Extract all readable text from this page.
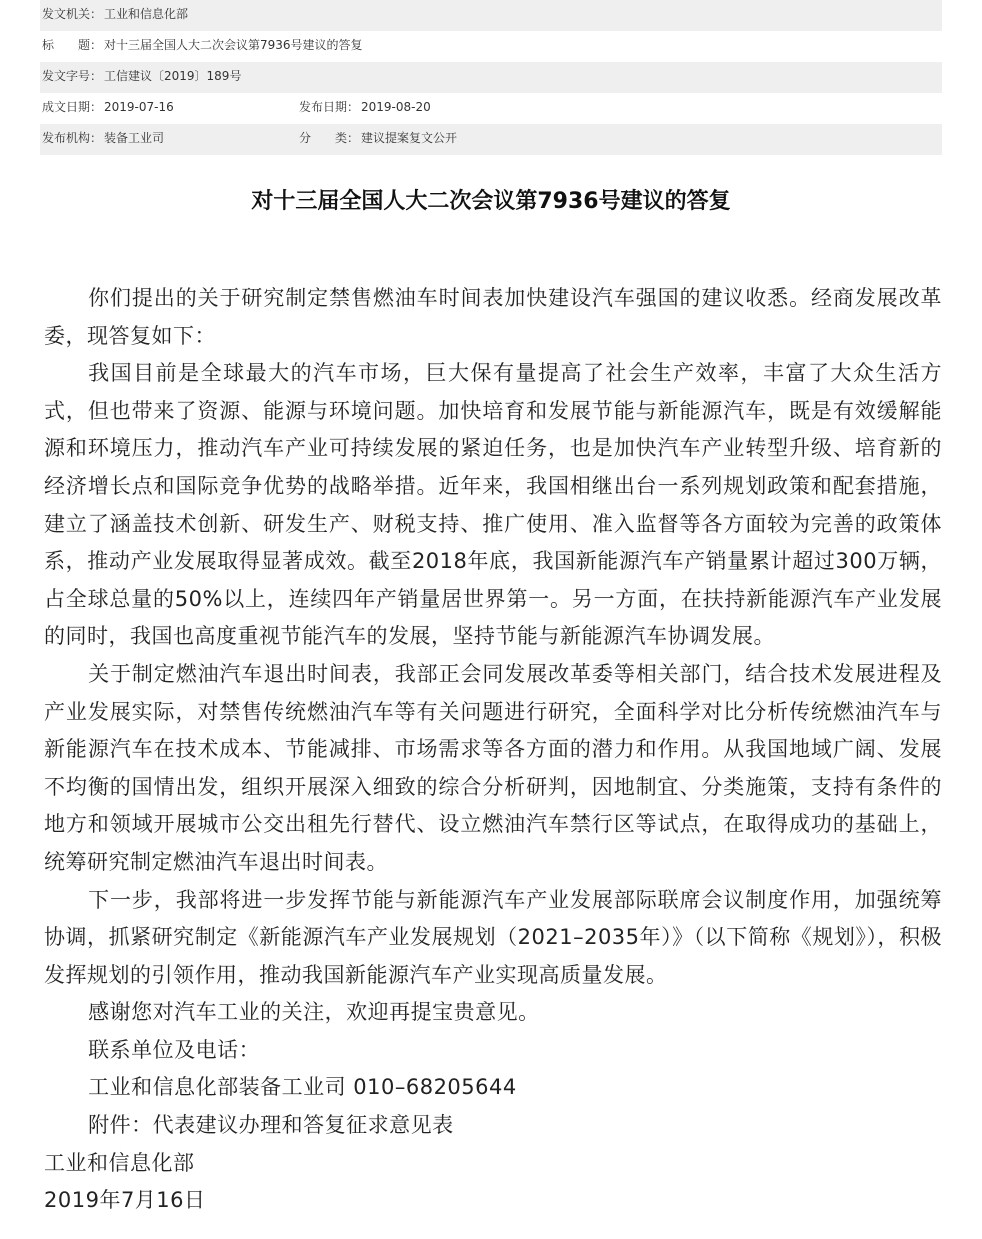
发文机关： 工业和信息化部
标　　题： 对十三届全国人大二次会议第7936号建议的答复
发文字号： 工信建议〔2019〕189号
成文日期： 2019-07-16	发布日期： 2019-08-20
发布机构： 装备工业司	分　　类： 建议提案复文公开
对十三届全国人大二次会议第7936号建议的答复

你们提出的关于研究制定禁售燃油车时间表加快建设汽车强国的建议收悉。经商发展改革委，现答复如下：

我国目前是全球最大的汽车市场，巨大保有量提高了社会生产效率，丰富了大众生活方式，但也带来了资源、能源与环境问题。加快培育和发展节能与新能源汽车，既是有效缓解能源和环境压力，推动汽车产业可持续发展的紧迫任务，也是加快汽车产业转型升级、培育新的经济增长点和国际竞争优势的战略举措。近年来，我国相继出台一系列规划政策和配套措施，建立了涵盖技术创新、研发生产、财税支持、推广使用、准入监督等各方面较为完善的政策体系，推动产业发展取得显著成效。截至2018年底，我国新能源汽车产销量累计超过300万辆，占全球总量的50%以上，连续四年产销量居世界第一。另一方面，在扶持新能源汽车产业发展的同时，我国也高度重视节能汽车的发展，坚持节能与新能源汽车协调发展。

关于制定燃油汽车退出时间表，我部正会同发展改革委等相关部门，结合技术发展进程及产业发展实际，对禁售传统燃油汽车等有关问题进行研究，全面科学对比分析传统燃油汽车与新能源汽车在技术成本、节能减排、市场需求等各方面的潜力和作用。从我国地域广阔、发展不均衡的国情出发，组织开展深入细致的综合分析研判，因地制宜、分类施策，支持有条件的地方和领域开展城市公交出租先行替代、设立燃油汽车禁行区等试点，在取得成功的基础上，统筹研究制定燃油汽车退出时间表。

下一步，我部将进一步发挥节能与新能源汽车产业发展部际联席会议制度作用，加强统筹协调，抓紧研究制定《新能源汽车产业发展规划（2021–2035年）》（以下简称《规划》），积极发挥规划的引领作用，推动我国新能源汽车产业实现高质量发展。

感谢您对汽车工业的关注，欢迎再提宝贵意见。

联系单位及电话：

工业和信息化部装备工业司 010–68205644

附件：代表建议办理和答复征求意见表

工业和信息化部

2019年7月16日
